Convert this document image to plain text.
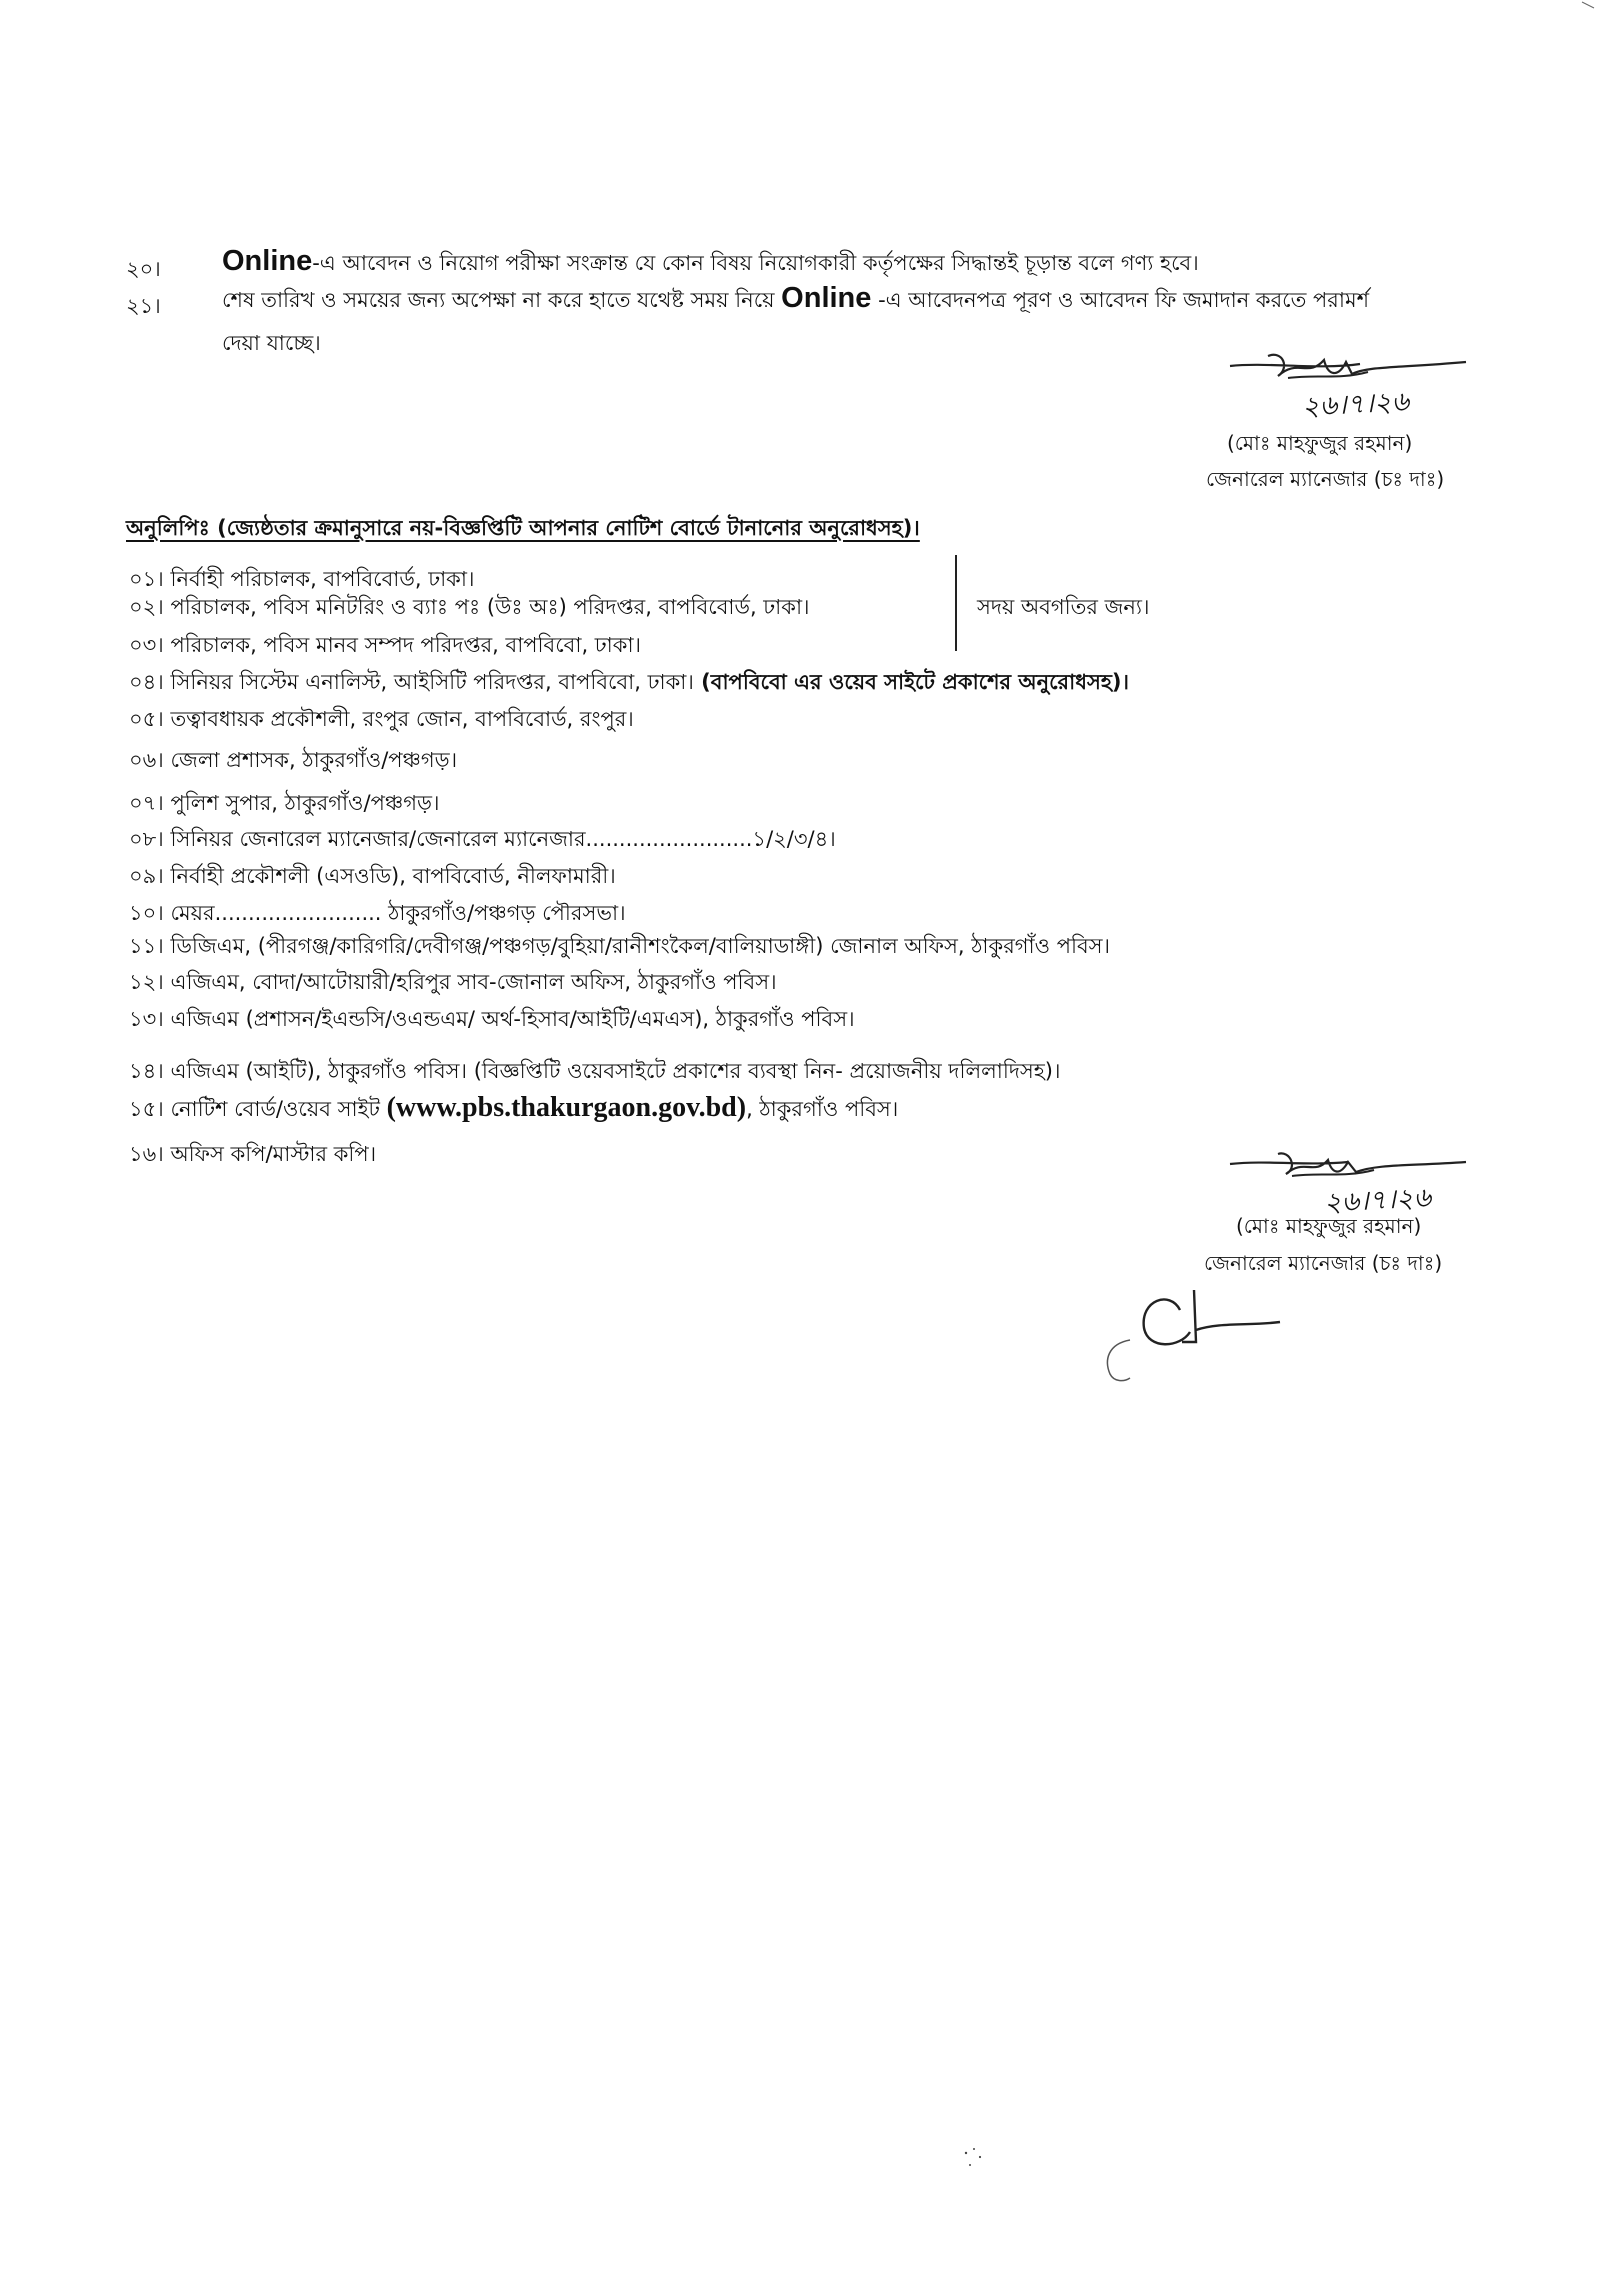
২০। Online-এ আবেদন ও নিয়োগ পরীক্ষা সংক্রান্ত যে কোন বিষয় নিয়োগকারী কর্তৃপক্ষের সিদ্ধান্তই চূড়ান্ত বলে গণ্য হবে।
২১।	শেষ তারিখ ও সময়ের জন্য অপেক্ষা না করে হাতে যথেষ্ট সময় নিয়ে Online -এ আবেদনপত্র পূরণ ও আবেদন ফি জমাদান করতে পরামর্শ
দেয়া যাচ্ছে।
২৬।৭।২৬
(মোঃ মাহফুজুর রহমান)
জেনারেল ম্যানেজার (চঃ দাঃ)
অনুলিপিঃ (জ্যেষ্ঠতার ক্রমানুসারে নয়-বিজ্ঞপ্তিটি আপনার নোটিশ বোর্ডে টানানোর অনুরোধসহ)।
০১। নির্বাহী পরিচালক, বাপবিবোর্ড, ঢাকা।
০২। পরিচালক, পবিস মনিটরিং ও ব্যাঃ পঃ (উঃ অঃ) পরিদপ্তর, বাপবিবোর্ড, ঢাকা।
০৩। পরিচালক, পবিস মানব সম্পদ পরিদপ্তর, বাপবিবো, ঢাকা।
সদয় অবগতির জন্য।
০৪। সিনিয়র সিস্টেম এনালিস্ট, আইসিটি পরিদপ্তর, বাপবিবো, ঢাকা। (বাপবিবো এর ওয়েব সাইটে প্রকাশের অনুরোধসহ)।
০৫। তত্বাবধায়ক প্রকৌশলী, রংপুর জোন, বাপবিবোর্ড, রংপুর।
০৬। জেলা প্রশাসক, ঠাকুরগাঁও/পঞ্চগড়।
০৭। পুলিশ সুপার, ঠাকুরগাঁও/পঞ্চগড়।
০৮। সিনিয়র জেনারেল ম্যানেজার/জেনারেল ম্যানেজার.........................১/২/৩/৪।
০৯। নির্বাহী প্রকৌশলী (এসওডি), বাপবিবোর্ড, নীলফামারী।
১০। মেয়র......................... ঠাকুরগাঁও/পঞ্চগড় পৌরসভা।
১১। ডিজিএম, (পীরগঞ্জ/কারিগরি/দেবীগঞ্জ/পঞ্চগড়/বুহিয়া/রানীশংকৈল/বালিয়াডাঙ্গী) জোনাল অফিস, ঠাকুরগাঁও পবিস।
১২। এজিএম, বোদা/আটোয়ারী/হরিপুর সাব-জোনাল অফিস, ঠাকুরগাঁও পবিস।
১৩। এজিএম (প্রশাসন/ইএন্ডসি/ওএন্ডএম/ অর্থ-হিসাব/আইটি/এমএস), ঠাকুরগাঁও পবিস।
১৪। এজিএম (আইটি), ঠাকুরগাঁও পবিস। (বিজ্ঞপ্তিটি ওয়েবসাইটে প্রকাশের ব্যবস্থা নিন- প্রয়োজনীয় দলিলাদিসহ)।
১৫। নোটিশ বোর্ড/ওয়েব সাইট (www.pbs.thakurgaon.gov.bd), ঠাকুরগাঁও পবিস।
১৬। অফিস কপি/মাস্টার কপি।
২৬।৭।২৬
(মোঃ মাহফুজুর রহমান)
জেনারেল ম্যানেজার (চঃ দাঃ)
